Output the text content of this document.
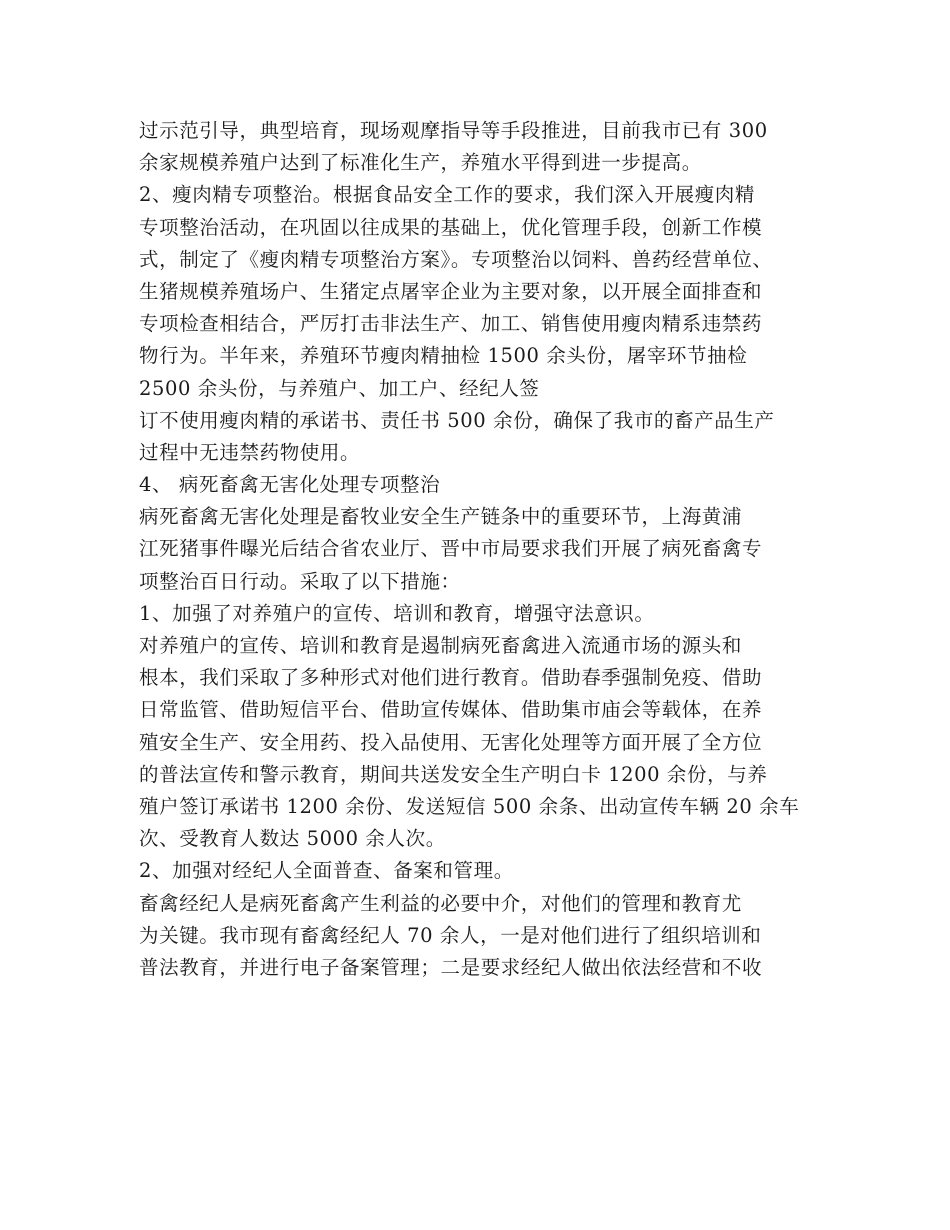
过示范引导，典型培育，现场观摩指导等手段推进，目前我市已有 300
余家规模养殖户达到了标准化生产，养殖水平得到进一步提高。
2、瘦肉精专项整治。根据食品安全工作的要求，我们深入开展瘦肉精
专项整治活动，在巩固以往成果的基础上，优化管理手段，创新工作模
式，制定了《瘦肉精专项整治方案》。专项整治以饲料、兽药经营单位、
生猪规模养殖场户、生猪定点屠宰企业为主要对象，以开展全面排查和
专项检查相结合，严厉打击非法生产、加工、销售使用瘦肉精系违禁药
物行为。半年来，养殖环节瘦肉精抽检 1500 余头份，屠宰环节抽检
2500 余头份，与养殖户、加工户、经纪人签
订不使用瘦肉精的承诺书、责任书 500 余份，确保了我市的畜产品生产
过程中无违禁药物使用。
4、 病死畜禽无害化处理专项整治
病死畜禽无害化处理是畜牧业安全生产链条中的重要环节，上海黄浦
江死猪事件曝光后结合省农业厅、晋中市局要求我们开展了病死畜禽专
项整治百日行动。采取了以下措施：
1、加强了对养殖户的宣传、培训和教育，增强守法意识。
对养殖户的宣传、培训和教育是遏制病死畜禽进入流通市场的源头和
根本，我们采取了多种形式对他们进行教育。借助春季强制免疫、借助
日常监管、借助短信平台、借助宣传媒体、借助集市庙会等载体，在养
殖安全生产、安全用药、投入品使用、无害化处理等方面开展了全方位
的普法宣传和警示教育，期间共送发安全生产明白卡 1200 余份，与养
殖户签订承诺书 1200 余份、发送短信 500 余条、出动宣传车辆 20 余车
次、受教育人数达 5000 余人次。
2、加强对经纪人全面普查、备案和管理。
畜禽经纪人是病死畜禽产生利益的必要中介，对他们的管理和教育尤
为关键。我市现有畜禽经纪人 70 余人，一是对他们进行了组织培训和
普法教育，并进行电子备案管理；二是要求经纪人做出依法经营和不收
